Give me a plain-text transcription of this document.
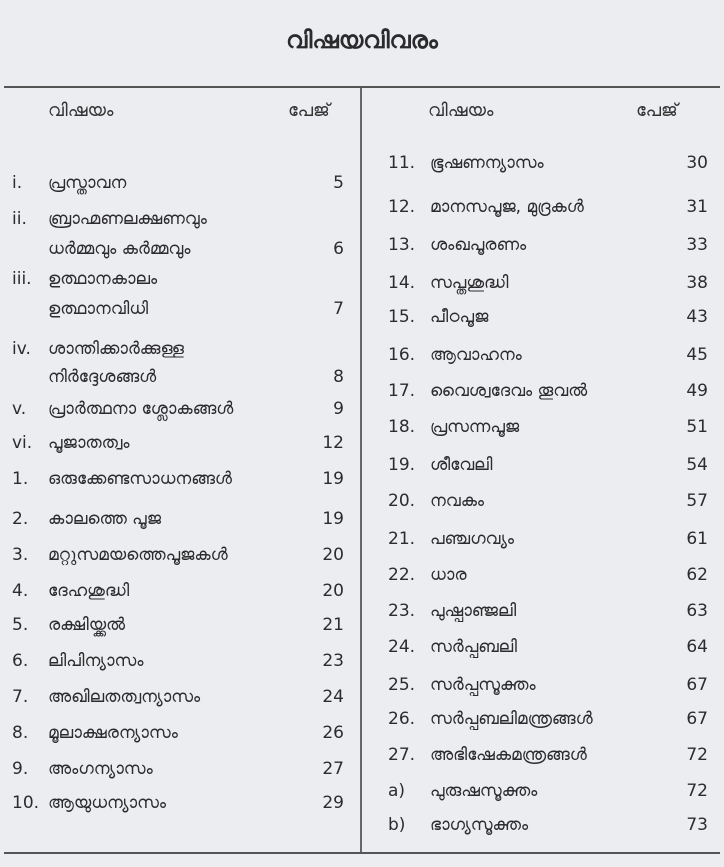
വിഷയവിവരം
വിഷയം	പേജ്	വിഷയം	പേജ്
i. പ്രസ്താവന	5
ii. ബ്രാഹ്മണലക്ഷണവും
ധർമ്മവും കർമ്മവും	6
iii. ഉത്ഥാനകാലം
ഉത്ഥാനവിധി	7
iv. ശാന്തിക്കാർക്കുള്ള
നിർദ്ദേശങ്ങൾ	8
v. പ്രാർത്ഥനാ ശ്ലോകങ്ങൾ	9
vi. പൂജാതത്വം	12
1. ഒരുക്കേണ്ടസാധനങ്ങൾ	19
2. കാലത്തെ പൂജ	19
3. മറ്റുസമയത്തെപൂജകൾ	20
4. ദേഹശുദ്ധി	20
5. രക്ഷിയ്ക്കൽ	21
6. ലിപിന്യാസം	23
7. അഖിലതത്വന്യാസം	24
8. മൂലാക്ഷരന്യാസം	26
9. അംഗന്യാസം	27
10. ആയുധന്യാസം	29
11. ഭൂഷണന്യാസം	30
12. മാനസപൂജ, മുദ്രകൾ	31
13. ശംഖപൂരണം	33
14. സപ്തശുദ്ധി	38
15. പീഠപൂജ	43
16. ആവാഹനം	45
17. വൈശ്വദേവം തൂവൽ	49
18. പ്രസന്നപൂജ	51
19. ശീവേലി	54
20. നവകം	57
21. പഞ്ചഗവ്യം	61
22. ധാര	62
23. പുഷ്പാഞ്ജലി	63
24. സർപ്പബലി	64
25. സർപ്പസൂക്തം	67
26. സർപ്പബലിമന്ത്രങ്ങൾ	67
27. അഭിഷേകമന്ത്രങ്ങൾ	72
a) പുരുഷസൂക്തം	72
b) ഭാഗ്യസൂക്തം	73
